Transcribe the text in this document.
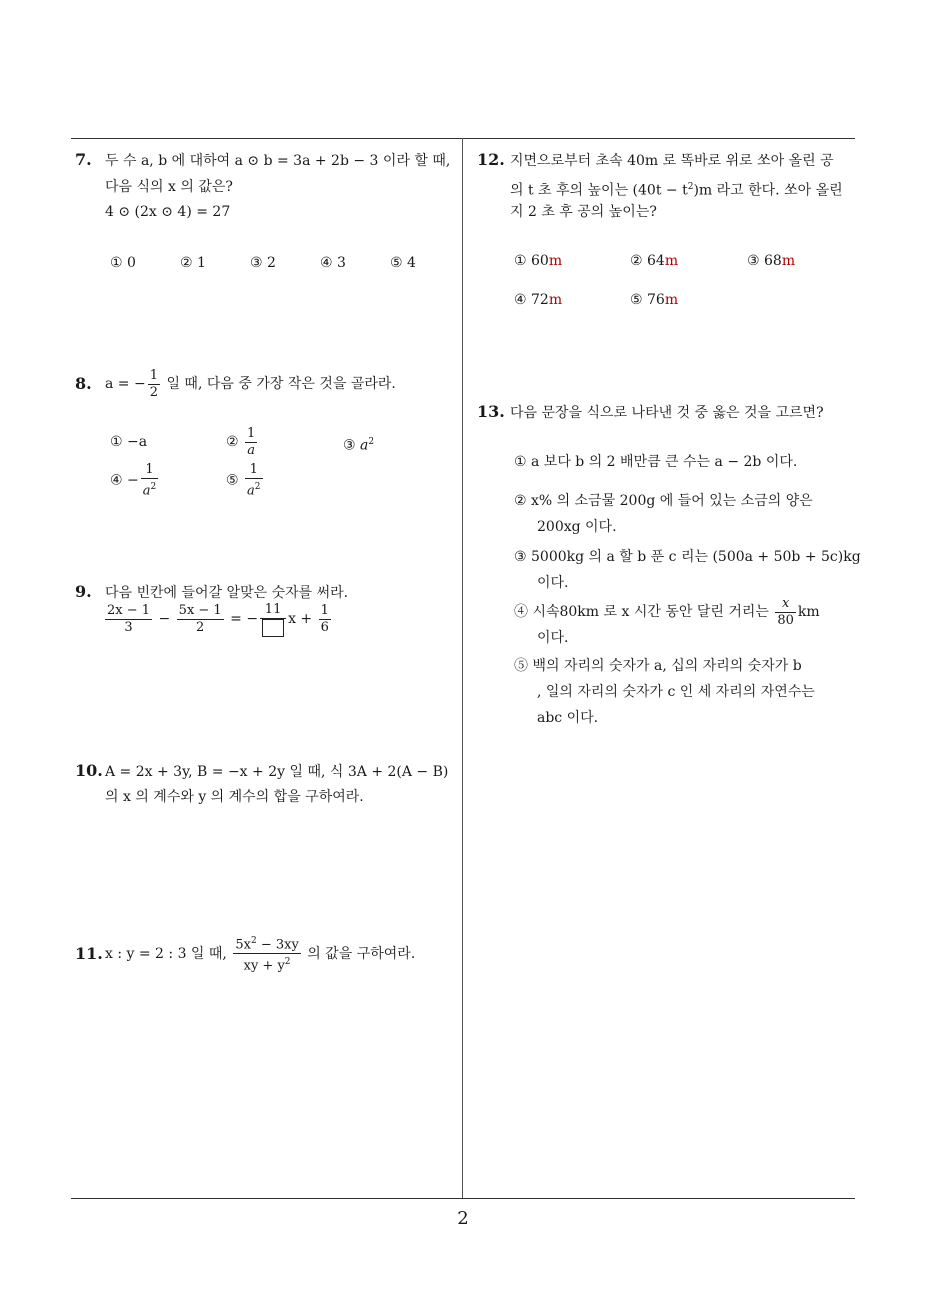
2
7. 두 수 a, b 에 대하여 a ⊙ b = 3a + 2b − 3 이라 할 때,
다음 식의 x 의 값은?
4 ⊙ (2x ⊙ 4) = 27
① 0	② 1	③ 2	④ 3	⑤ 4
8. a = − $\frac{1}{2}$ 일 때, 다음 중 가장 작은 것을 골라라.
① −a	② $\frac{1}{a}$	③ $a^2$
④ − $\frac{1}{a^2}$	⑤ $\frac{1}{a^2}$
9. 다음 빈칸에 들어갈 알맞은 숫자를 써라.
$\frac{2x - 1}{3} - \frac{5x - 1}{2}$ = −
11
$x + \frac{1}{6}$
10. A = 2x + 3y, B = −x + 2y 일 때, 식 3A + 2(A − B)
의 x 의 계수와 y 의 계수의 합을 구하여라.
11. x : y = 2 : 3 일 때, $\frac{5x^2 - 3xy}{xy + y^2}$ 의 값을 구하여라.
12. 지면으로부터 초속 40m 로 똑바로 위로 쏘아 올린 공
의 t 초 후의 높이는 $(40t - t^2)m$ 라고 한다. 쏘아 올린
지 2 초 후 공의 높이는?
① 60m	② 64m	③ 68m
④ 72m	⑤ 76m
13. 다음 문장을 식으로 나타낸 것 중 옳은 것을 고르면?
① a 보다 b 의 2 배만큼 큰 수는 a − 2b 이다.
② x% 의 소금물 200g 에 들어 있는 소금의 양은
200xg 이다.
③ 5000kg 의 a 할 b 푼 c 리는 (500a + 50b + 5c)kg
이다.
④ 시속80km 로 x 시간 동안 달린 거리는 $\frac{x}{80}$ km
이다.
⑤ 백의 자리의 숫자가 a, 십의 자리의 숫자가 b
, 일의 자리의 숫자가 c 인 세 자리의 자연수는
abc 이다.
